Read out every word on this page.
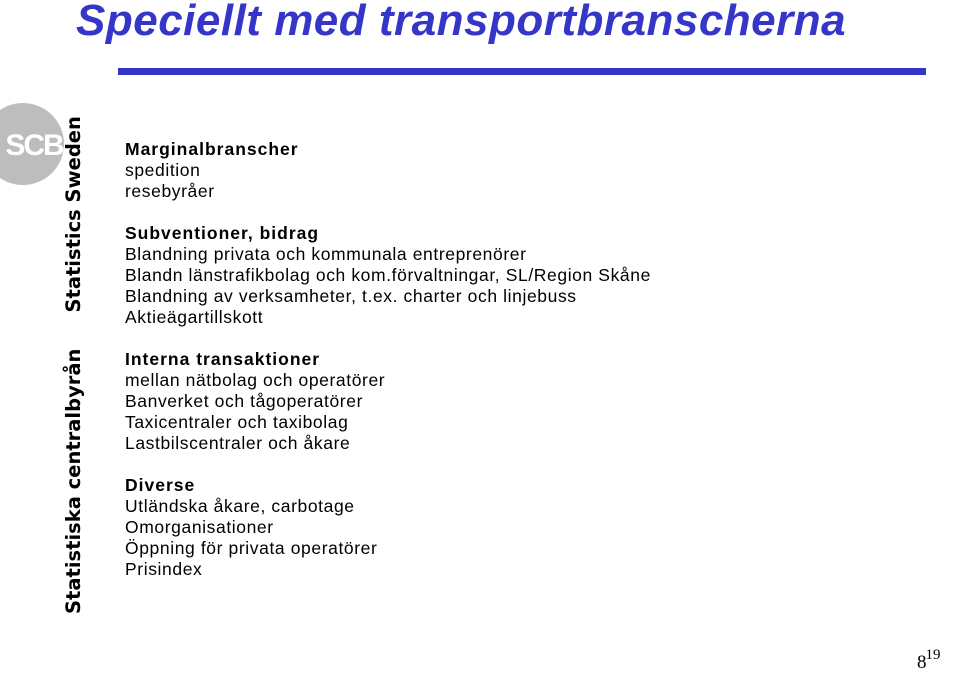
Speciellt med transportbranscherna
SCB
Statistiska centralbyrånStatistics Sweden Marginalbranscher
spedition
resebyråer
Subventioner, bidrag
Blandning privata och kommunala entreprenörer
Blandn länstrafikbolag och kom.förvaltningar, SL/Region Skåne
Blandning av verksamheter, t.ex. charter och linjebuss
Aktieägartillskott
Interna transaktioner
mellan nätbolag och operatörer
Banverket och tågoperatörer
Taxicentraler och taxibolag
Lastbilscentraler och åkare
Diverse
Utländska åkare, carbotage
Omorganisationer
Öppning för privata operatörer
Prisindex
$8^{19}$
